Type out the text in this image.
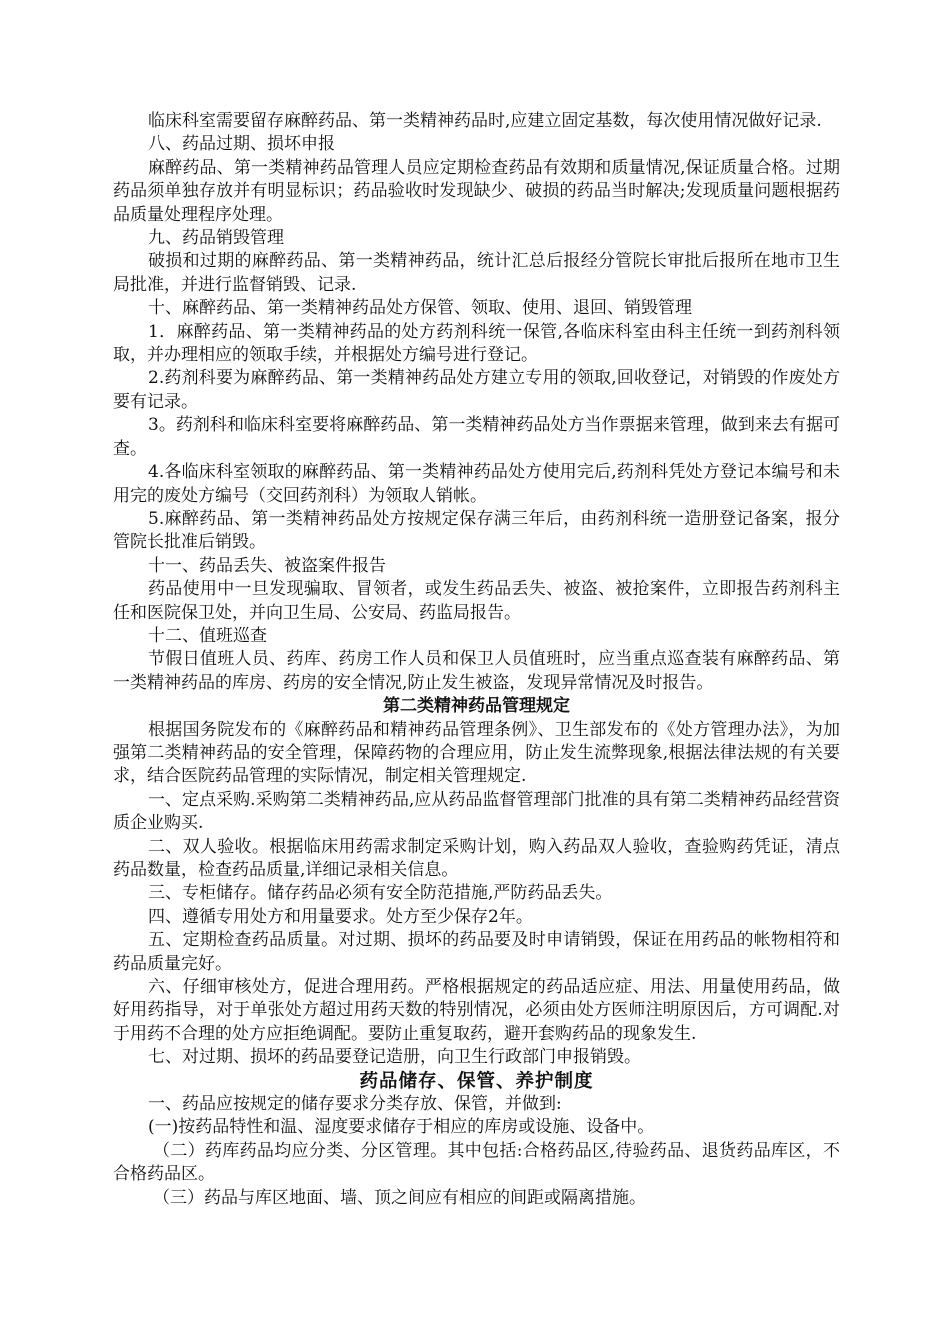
临床科室需要留存麻醉药品、第一类精神药品时,应建立固定基数，每次使用情况做好记录.

八、药品过期、损坏申报

麻醉药品、第一类精神药品管理人员应定期检查药品有效期和质量情况,保证质量合格。过期药品须单独存放并有明显标识；药品验收时发现缺少、破损的药品当时解决;发现质量问题根据药品质量处理程序处理。

九、药品销毁管理

破损和过期的麻醉药品、第一类精神药品，统计汇总后报经分管院长审批后报所在地市卫生局批准，并进行监督销毁、记录.

十、麻醉药品、第一类精神药品处方保管、领取、使用、退回、销毁管理

1．麻醉药品、第一类精神药品的处方药剂科统一保管,各临床科室由科主任统一到药剂科领取，并办理相应的领取手续，并根据处方编号进行登记。

2.药剂科要为麻醉药品、第一类精神药品处方建立专用的领取,回收登记，对销毁的作废处方要有记录。

3。药剂科和临床科室要将麻醉药品、第一类精神药品处方当作票据来管理，做到来去有据可查。

4.各临床科室领取的麻醉药品、第一类精神药品处方使用完后,药剂科凭处方登记本编号和未用完的废处方编号（交回药剂科）为领取人销帐。

5.麻醉药品、第一类精神药品处方按规定保存满三年后，由药剂科统一造册登记备案，报分管院长批准后销毁。

十一、药品丢失、被盗案件报告

药品使用中一旦发现骗取、冒领者，或发生药品丢失、被盗、被抢案件，立即报告药剂科主任和医院保卫处，并向卫生局、公安局、药监局报告。

十二、值班巡查

节假日值班人员、药库、药房工作人员和保卫人员值班时，应当重点巡查装有麻醉药品、第一类精神药品的库房、药房的安全情况,防止发生被盗，发现异常情况及时报告。

第二类精神药品管理规定

根据国务院发布的《麻醉药品和精神药品管理条例》、卫生部发布的《处方管理办法》，为加强第二类精神药品的安全管理，保障药物的合理应用，防止发生流弊现象,根据法律法规的有关要求，结合医院药品管理的实际情况，制定相关管理规定.

一、定点采购.采购第二类精神药品,应从药品监督管理部门批准的具有第二类精神药品经营资质企业购买.

二、双人验收。根据临床用药需求制定采购计划，购入药品双人验收，查验购药凭证，清点药品数量，检查药品质量,详细记录相关信息。

三、专柜储存。储存药品必须有安全防范措施,严防药品丢失。

四、遵循专用处方和用量要求。处方至少保存2年。

五、定期检查药品质量。对过期、损坏的药品要及时申请销毁，保证在用药品的帐物相符和药品质量完好。

六、仔细审核处方，促进合理用药。严格根据规定的药品适应症、用法、用量使用药品，做好用药指导，对于单张处方超过用药天数的特别情况，必须由处方医师注明原因后，方可调配.对于用药不合理的处方应拒绝调配。要防止重复取药，避开套购药品的现象发生.

七、对过期、损坏的药品要登记造册，向卫生行政部门申报销毁。

药品储存、保管、养护制度

一、药品应按规定的储存要求分类存放、保管，并做到:

(一)按药品特性和温、湿度要求储存于相应的库房或设施、设备中。

（二）药库药品均应分类、分区管理。其中包括:合格药品区,待验药品、退货药品库区，不合格药品区。

（三）药品与库区地面、墙、顶之间应有相应的间距或隔离措施。
